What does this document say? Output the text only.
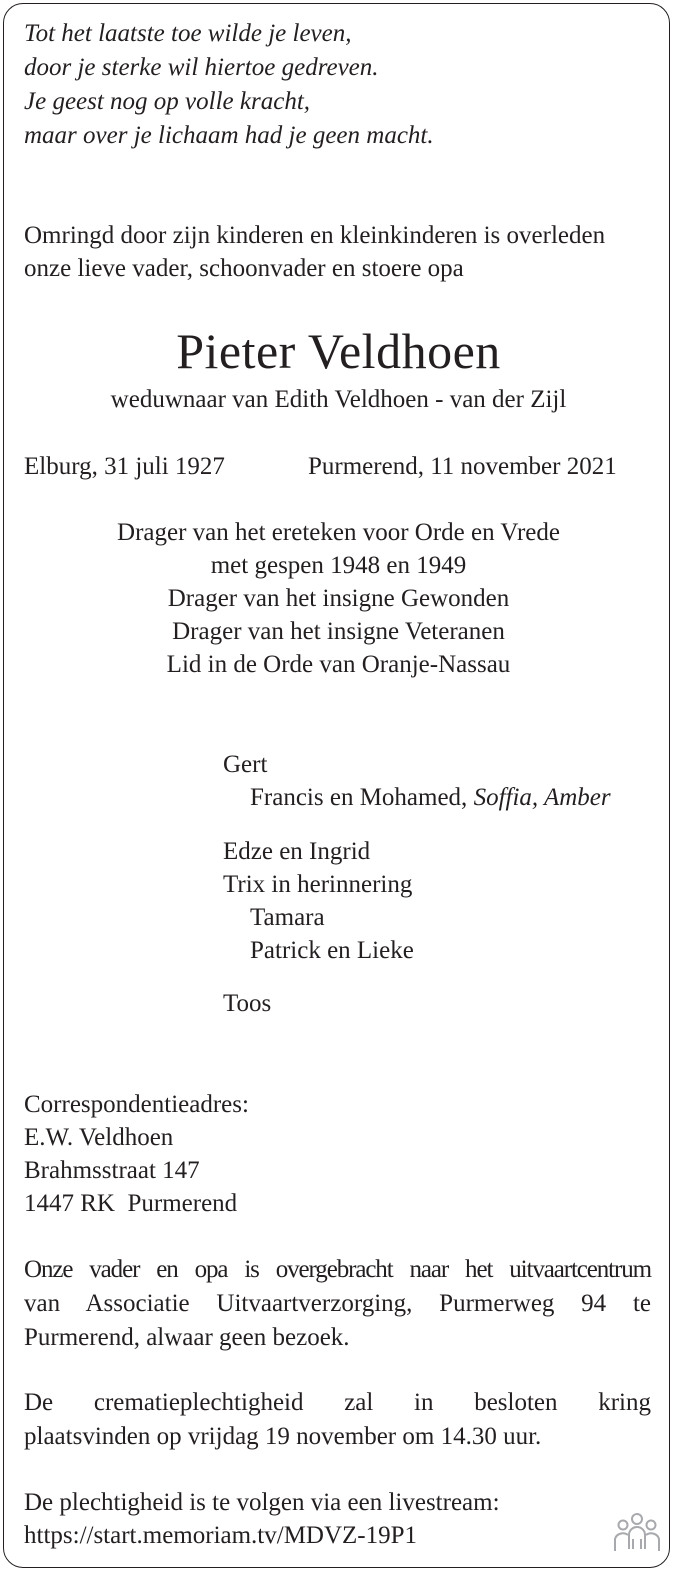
Tot het laatste toe wilde je leven,
door je sterke wil hiertoe gedreven.
Je geest nog op volle kracht,
maar over je lichaam had je geen macht.
Omringd door zijn kinderen en kleinkinderen is overleden
onze lieve vader, schoonvader en stoere opa
Pieter Veldhoen
weduwnaar van Edith Veldhoen - van der Zijl
Elburg, 31 juli 1927	Purmerend, 11 november 2021
Drager van het ereteken voor Orde en Vrede
met gespen 1948 en 1949
Drager van het insigne Gewonden
Drager van het insigne Veteranen
Lid in de Orde van Oranje-Nassau
Gert
Francis en Mohamed, Soffia, Amber
Edze en Ingrid
Trix in herinnering
Tamara
Patrick en Lieke
Toos
Correspondentieadres:
E.W. Veldhoen
Brahmsstraat 147
1447 RK  Purmerend
Onze vader en opa is overgebracht naar het uitvaartcentrum
van Associatie Uitvaartverzorging, Purmerweg 94 te
Purmerend, alwaar geen bezoek.
De crematieplechtigheid zal in besloten kring
plaatsvinden op vrijdag 19 november om 14.30 uur.
De plechtigheid is te volgen via een livestream:
https://start.memoriam.tv/MDVZ-19P1
